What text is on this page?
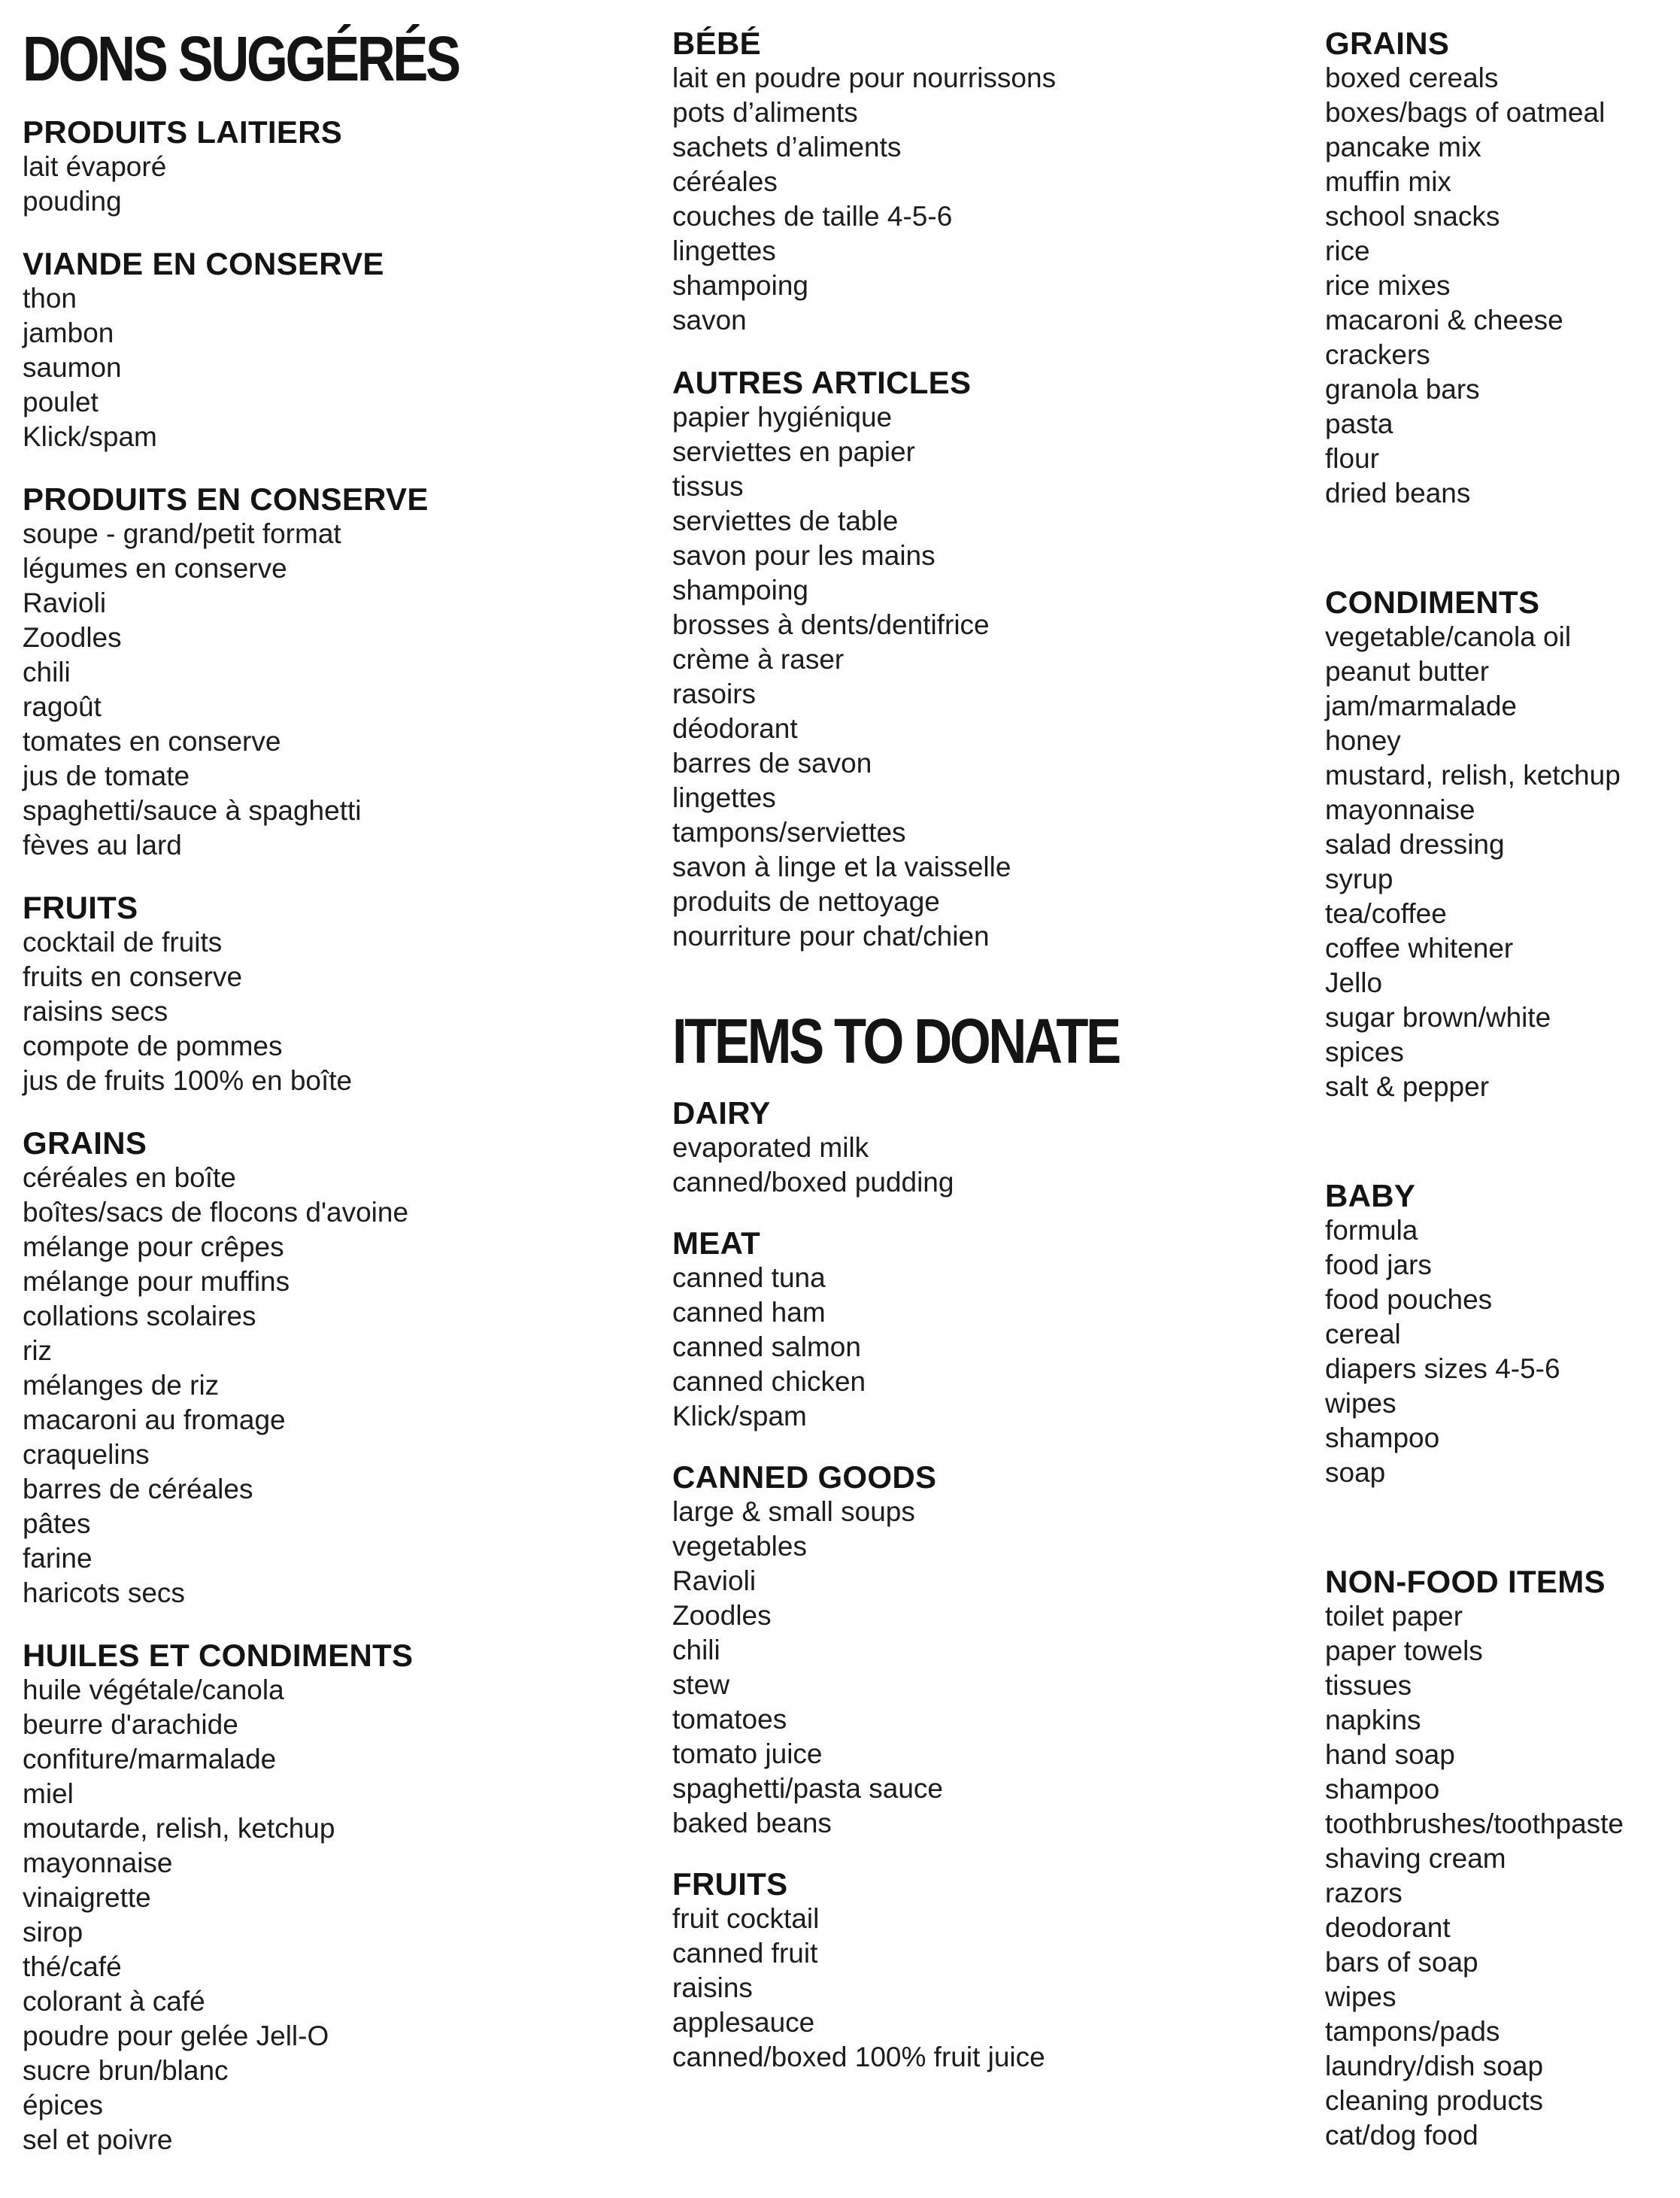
DONS SUGGÉRÉS
PRODUITS LAITIERS
lait évaporé
pouding
VIANDE EN CONSERVE
thon
jambon
saumon
poulet
Klick/spam
PRODUITS EN CONSERVE
soupe - grand/petit format
légumes en conserve
Ravioli
Zoodles
chili
ragoût
tomates en conserve
jus de tomate
spaghetti/sauce à spaghetti
fèves au lard
FRUITS
cocktail de fruits
fruits en conserve
raisins secs
compote de pommes
jus de fruits 100% en boîte
GRAINS
céréales en boîte
boîtes/sacs de flocons d'avoine
mélange pour crêpes
mélange pour muffins
collations scolaires
riz
mélanges de riz
macaroni au fromage
craquelins
barres de céréales
pâtes
farine
haricots secs
HUILES ET CONDIMENTS
huile végétale/canola
beurre d'arachide
confiture/marmalade
miel
moutarde, relish, ketchup
mayonnaise
vinaigrette
sirop
thé/café
colorant à café
poudre pour gelée Jell-O
sucre brun/blanc
épices
sel et poivre
BÉBÉ
lait en poudre pour nourrissons
pots d’aliments
sachets d’aliments
céréales
couches de taille 4-5-6
lingettes
shampoing
savon
AUTRES ARTICLES
papier hygiénique
serviettes en papier
tissus
serviettes de table
savon pour les mains
shampoing
brosses à dents/dentifrice
crème à raser
rasoirs
déodorant
barres de savon
lingettes
tampons/serviettes
savon à linge et la vaisselle
produits de nettoyage
nourriture pour chat/chien
ITEMS TO DONATE
DAIRY
evaporated milk
canned/boxed pudding
MEAT
canned tuna
canned ham
canned salmon
canned chicken
Klick/spam
CANNED GOODS
large & small soups
vegetables
Ravioli
Zoodles
chili
stew
tomatoes
tomato juice
spaghetti/pasta sauce
baked beans
FRUITS
fruit cocktail
canned fruit
raisins
applesauce
canned/boxed 100% fruit juice
GRAINS
boxed cereals
boxes/bags of oatmeal
pancake mix
muffin mix
school snacks
rice
rice mixes
macaroni & cheese
crackers
granola bars
pasta
flour
dried beans
CONDIMENTS
vegetable/canola oil
peanut butter
jam/marmalade
honey
mustard, relish, ketchup
mayonnaise
salad dressing
syrup
tea/coffee
coffee whitener
Jello
sugar brown/white
spices
salt & pepper
BABY
formula
food jars
food pouches
cereal
diapers sizes 4-5-6
wipes
shampoo
soap
NON-FOOD ITEMS
toilet paper
paper towels
tissues
napkins
hand soap
shampoo
toothbrushes/toothpaste
shaving cream
razors
deodorant
bars of soap
wipes
tampons/pads
laundry/dish soap
cleaning products
cat/dog food
